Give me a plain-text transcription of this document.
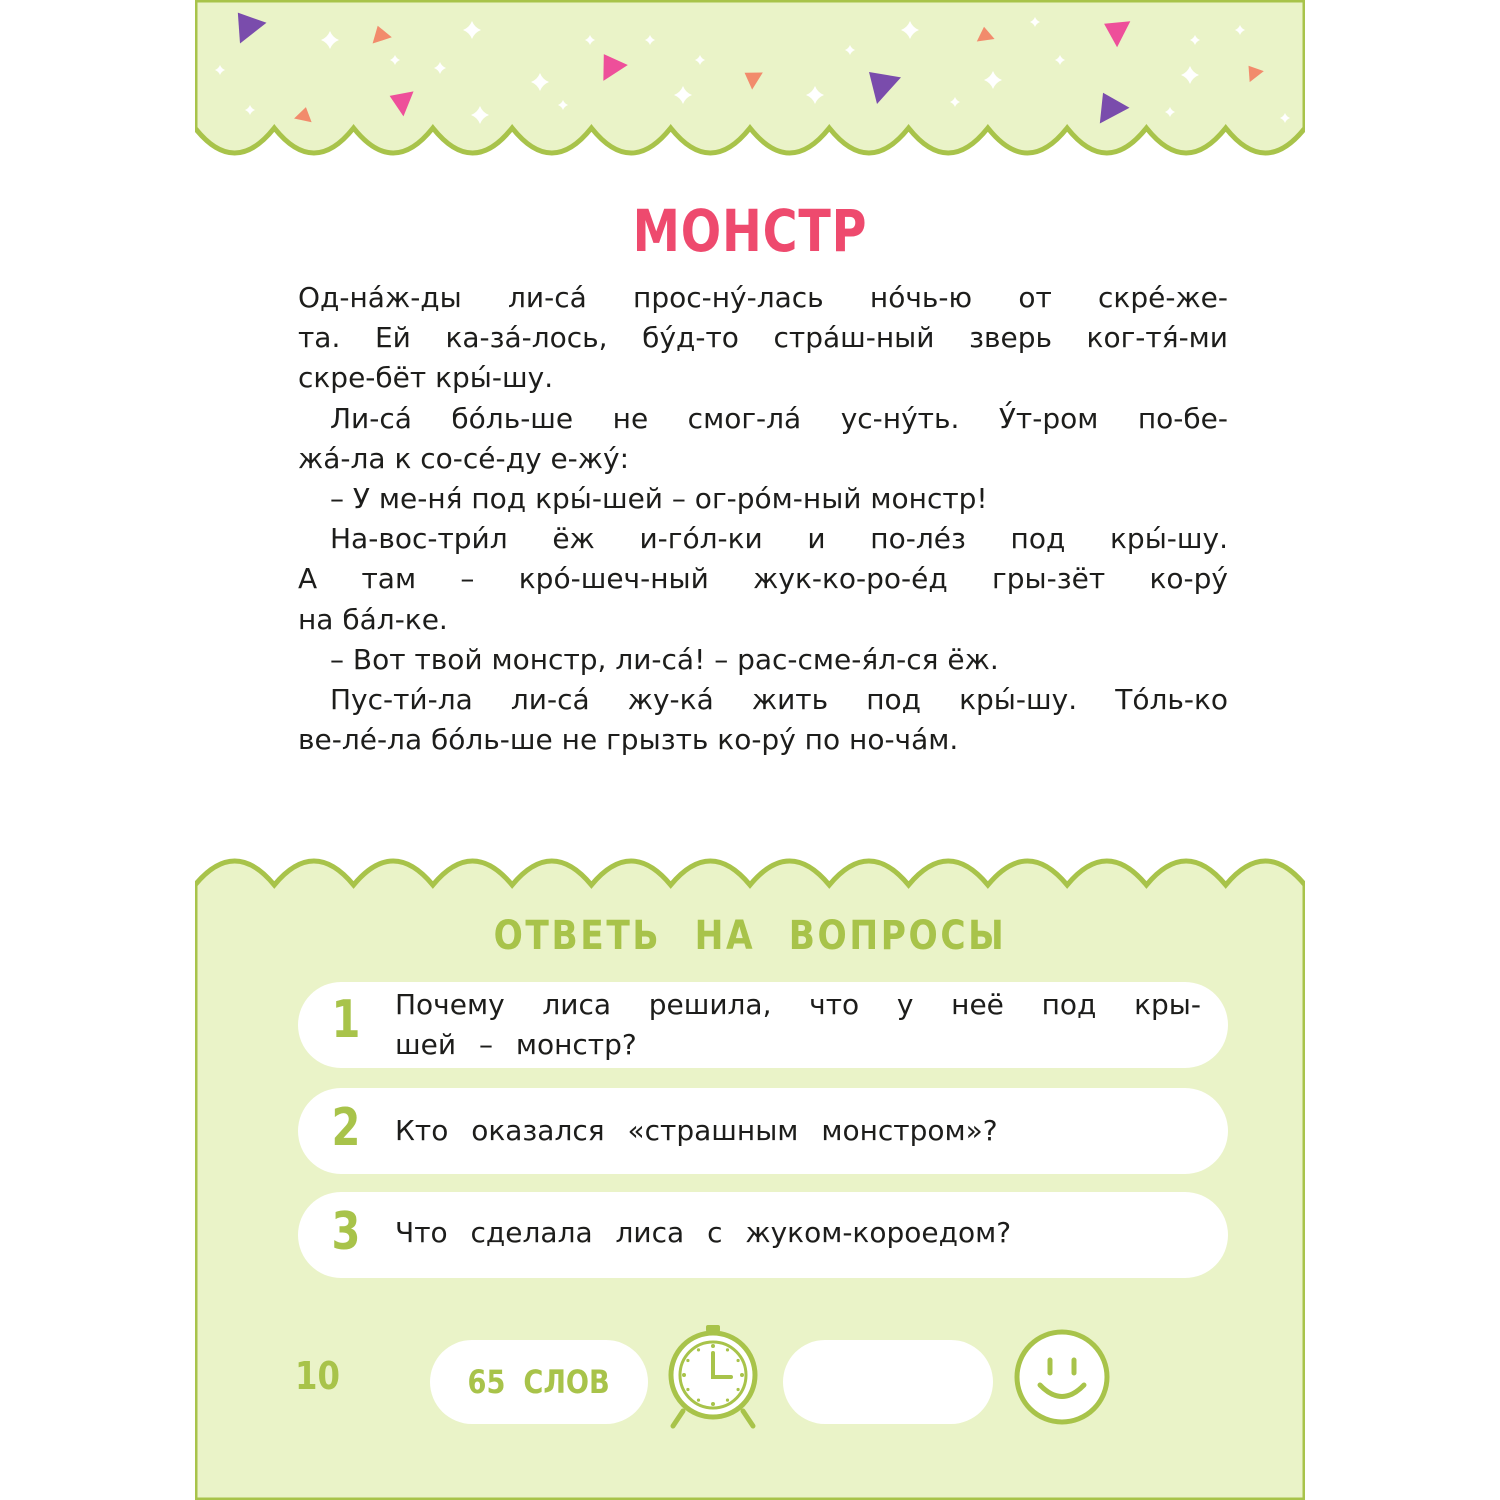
МОНСТР
Од-на́ж-ды ли-са́ прос-ну́-лась но́чь-ю от скре́-же-
та. Ей ка-за́-лось, бу́д-то стра́ш-ный зверь ког-тя́-ми
скре-бёт кры́-шу.
Ли-са́ бо́ль-ше не смог-ла́ ус-ну́ть. У́т-ром по-бе-
жа́-ла к со-се́-ду е-жу́:
– У ме-ня́ под кры́-шей – ог-ро́м-ный монстр!
На-вос-три́л ёж и-го́л-ки и по-ле́з под кры́-шу.
А там – кро́-шеч-ный жук-ко-ро-е́д гры-зёт ко-ру́
на ба́л-ке.
– Вот твой монстр, ли-са́! – рас-сме-я́л-ся ёж.
Пус-ти́-ла ли-са́ жу-ка́ жить под кры́-шу. То́ль-ко
ве-ле́-ла бо́ль-ше не грызть ко-ру́ по но-ча́м.
ОТВЕТЬ НА ВОПРОСЫ
1 Почему лиса решила, что у неё под кры-
шей – монстр?
2 Кто оказался «страшным монстром»?
3 Что сделала лиса с жуком-короедом?
10	65 СЛОВ
